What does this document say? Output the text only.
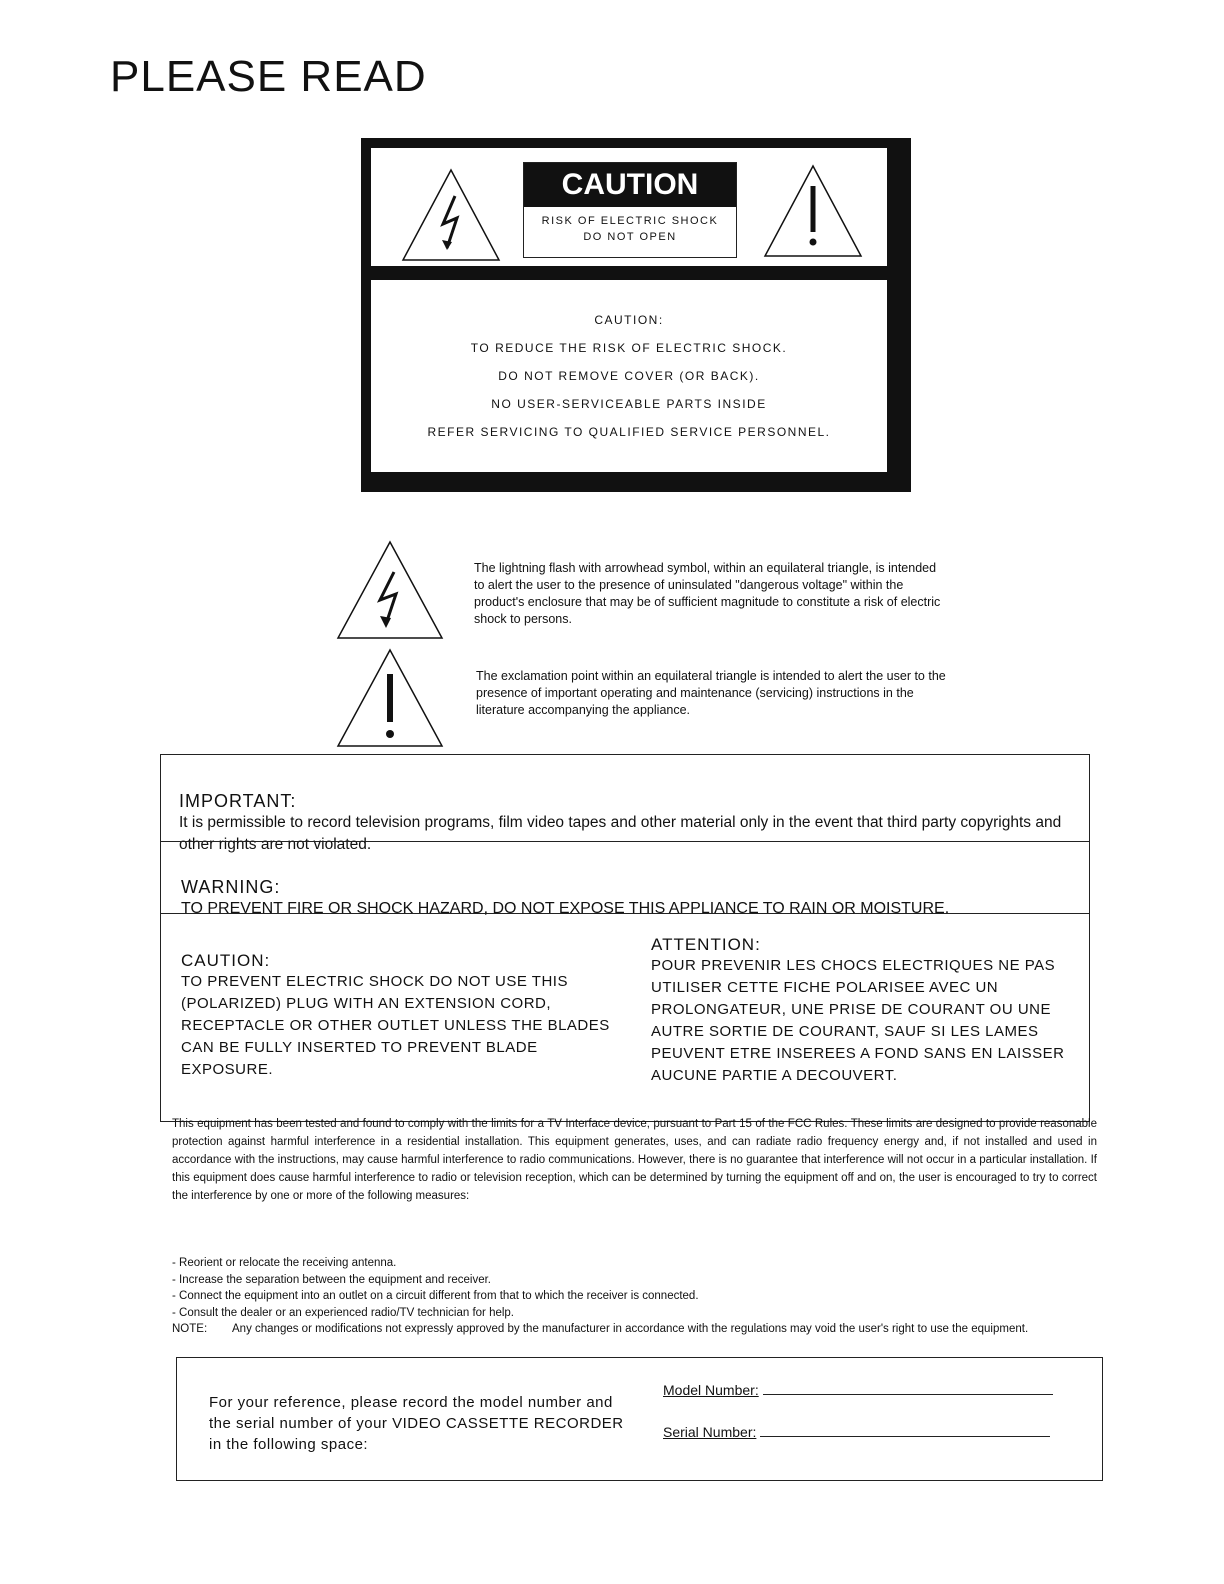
PLEASE READ
CAUTION
RISK OF ELECTRIC SHOCK
DO NOT OPEN
CAUTION:
TO REDUCE THE RISK OF ELECTRIC SHOCK.
DO NOT REMOVE COVER (OR BACK).
NO USER-SERVICEABLE PARTS INSIDE
REFER SERVICING TO QUALIFIED SERVICE PERSONNEL.
The lightning flash with arrowhead symbol, within an equilateral triangle, is intended to alert the user to the presence of uninsulated "dangerous voltage" within the product's enclosure that may be of sufficient magnitude to constitute a risk of electric shock to persons.
The exclamation point within an equilateral triangle is intended to alert the user to the presence of important operating and maintenance (servicing) instructions in the literature accompanying the appliance.
IMPORTANT:
It is permissible to record television programs, film video tapes and other material only in the event that third party copyrights and other rights are not violated.
WARNING:
TO PREVENT FIRE OR SHOCK HAZARD, DO NOT EXPOSE THIS APPLIANCE TO RAIN OR MOISTURE.
CAUTION:
TO PREVENT ELECTRIC SHOCK DO NOT USE THIS (POLARIZED) PLUG WITH AN EXTENSION CORD, RECEPTACLE OR OTHER OUTLET UNLESS THE BLADES CAN BE FULLY INSERTED TO PREVENT BLADE EXPOSURE.
ATTENTION:
POUR PREVENIR LES CHOCS ELECTRIQUES NE PAS UTILISER CETTE FICHE POLARISEE AVEC UN PROLONGATEUR, UNE PRISE DE COURANT OU UNE AUTRE SORTIE DE COURANT, SAUF SI LES LAMES PEUVENT ETRE INSEREES A FOND SANS EN LAISSER AUCUNE PARTIE A DECOUVERT.
This equipment has been tested and found to comply with the limits for a TV Interface device, pursuant to Part 15 of the FCC Rules. These limits are designed to provide reasonable protection against harmful interference in a residential installation. This equipment generates, uses, and can radiate radio frequency energy and, if not installed and used in accordance with the instructions, may cause harmful interference to radio communications. However, there is no guarantee that interference will not occur in a particular installation. If this equipment does cause harmful interference to radio or television reception, which can be determined by turning the equipment off and on, the user is encouraged to try to correct the interference by one or more of the following measures:
- Reorient or relocate the receiving antenna.
- Increase the separation between the equipment and receiver.
- Connect the equipment into an outlet on a circuit different from that to which the receiver is connected.
- Consult the dealer or an experienced radio/TV technician for help.
NOTE:	Any changes or modifications not expressly approved by the manufacturer in accordance with the regulations may void the user's right to use the equipment.
For your reference, please record the model number and the serial number of your VIDEO CASSETTE RECORDER in the following space:
Model Number:
Serial Number:
